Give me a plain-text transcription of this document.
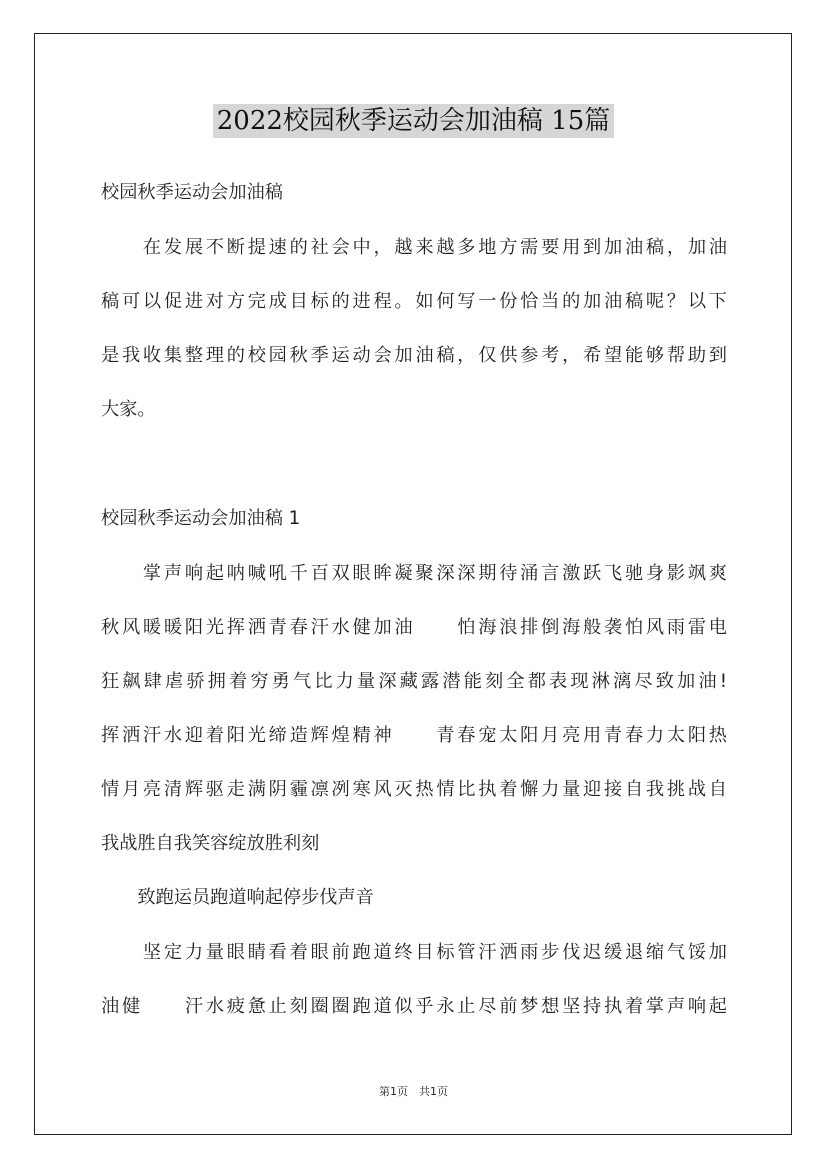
2022校园秋季运动会加油稿 15篇
校园秋季运动会加油稿
　　在发展不断提速的社会中，越来越多地方需要用到加油稿，加油
稿可以促进对方完成目标的进程。如何写一份恰当的加油稿呢？以下
是我收集整理的校园秋季运动会加油稿，仅供参考，希望能够帮助到
大家。
校园秋季运动会加油稿 1
　　掌声响起呐喊吼千百双眼眸凝聚深深期待涌言激跃飞驰身影飒爽
秋风暖暖阳光挥洒青春汗水健加油　　怕海浪排倒海般袭怕风雨雷电
狂飙肆虐骄拥着穷勇气比力量深藏露潜能刻全都表现淋漓尽致加油!
挥洒汗水迎着阳光缔造辉煌精神　　青春宠太阳月亮用青春力太阳热
情月亮清辉驱走满阴霾凛冽寒风灭热情比执着懈力量迎接自我挑战自
我战胜自我笑容绽放胜利刻
　　致跑运员跑道响起停步伐声音
　　坚定力量眼睛看着眼前跑道终目标管汗洒雨步伐迟缓退缩气馁加
油健　　汗水疲惫止刻圈圈跑道似乎永止尽前梦想坚持执着掌声响起
第1页　共1页
